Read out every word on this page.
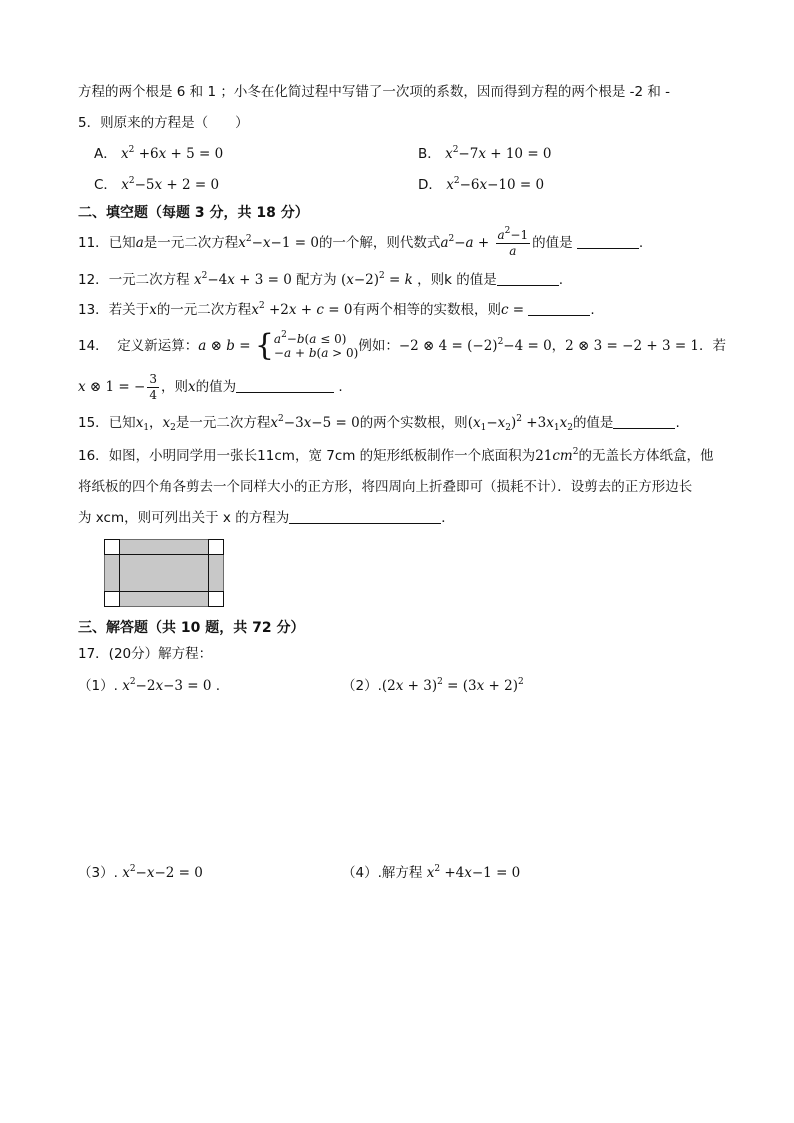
方程的两个根是 6 和 1 ；小冬在化简过程中写错了一次项的系数，因而得到方程的两个根是 -2 和 -
5．则原来的方程是（　　）
A． $x^2 +6x + 5 = 0$	B． $x^2-7x + 10 = 0$
C． $x^2-5x + 2 = 0$	D． $x^2-6x-10 = 0$
二、填空题（每题 3 分，共 18 分）
11．已知a是一元二次方程$x^2-x-1 = 0$的一个解，则代数式$a^2-a + \frac{a^2-1}{a}$ 的值是	.
12．一元二次方程 $x^2-4x + 3 = 0$ 配方为 $(x-2)^2 = k$ ，则k 的值是	.
13．若关于x的一元二次方程$x^2 +2x + c = 0$有两个相等的实数根，则c =	.
14． 定义新运算：a ⊗ b = { $a^2-b(a \le 0)$
−a + b(a > 0) 例如：−2 ⊗ $4 = (-2)^2-4 = 0$，2 ⊗ 3 = −2 + 3 = 1．若
x ⊗ 1 = − $\frac{3}{4}$ ，则x的值为	.
15．已知$x_1$，$x_2$是一元二次方程$x^2-3x-5 = 0$的两个实数根，则$(x_1-x_2)^2 +3x_1x_2$的值是	.
16．如图，小明同学用一张长11cm，宽 7cm 的矩形纸板制作一个底面积为$21cm^2$的无盖长方体纸盒，他
将纸板的四个角各剪去一个同样大小的正方形，将四周向上折叠即可（损耗不计）．设剪去的正方形边长
为 xcm，则可列出关于 x 的方程为	．
三、解答题（共 10 题，共 72 分）
17．(20分）解方程：
（1）. $x^2-2x-3 = 0$ .	$(2).(2x + 3)^2 = (3x + 2)^2$
（3）. $x^2-x-2 = 0$	（4）.解方程 $x^2 +4x-1 = 0$
